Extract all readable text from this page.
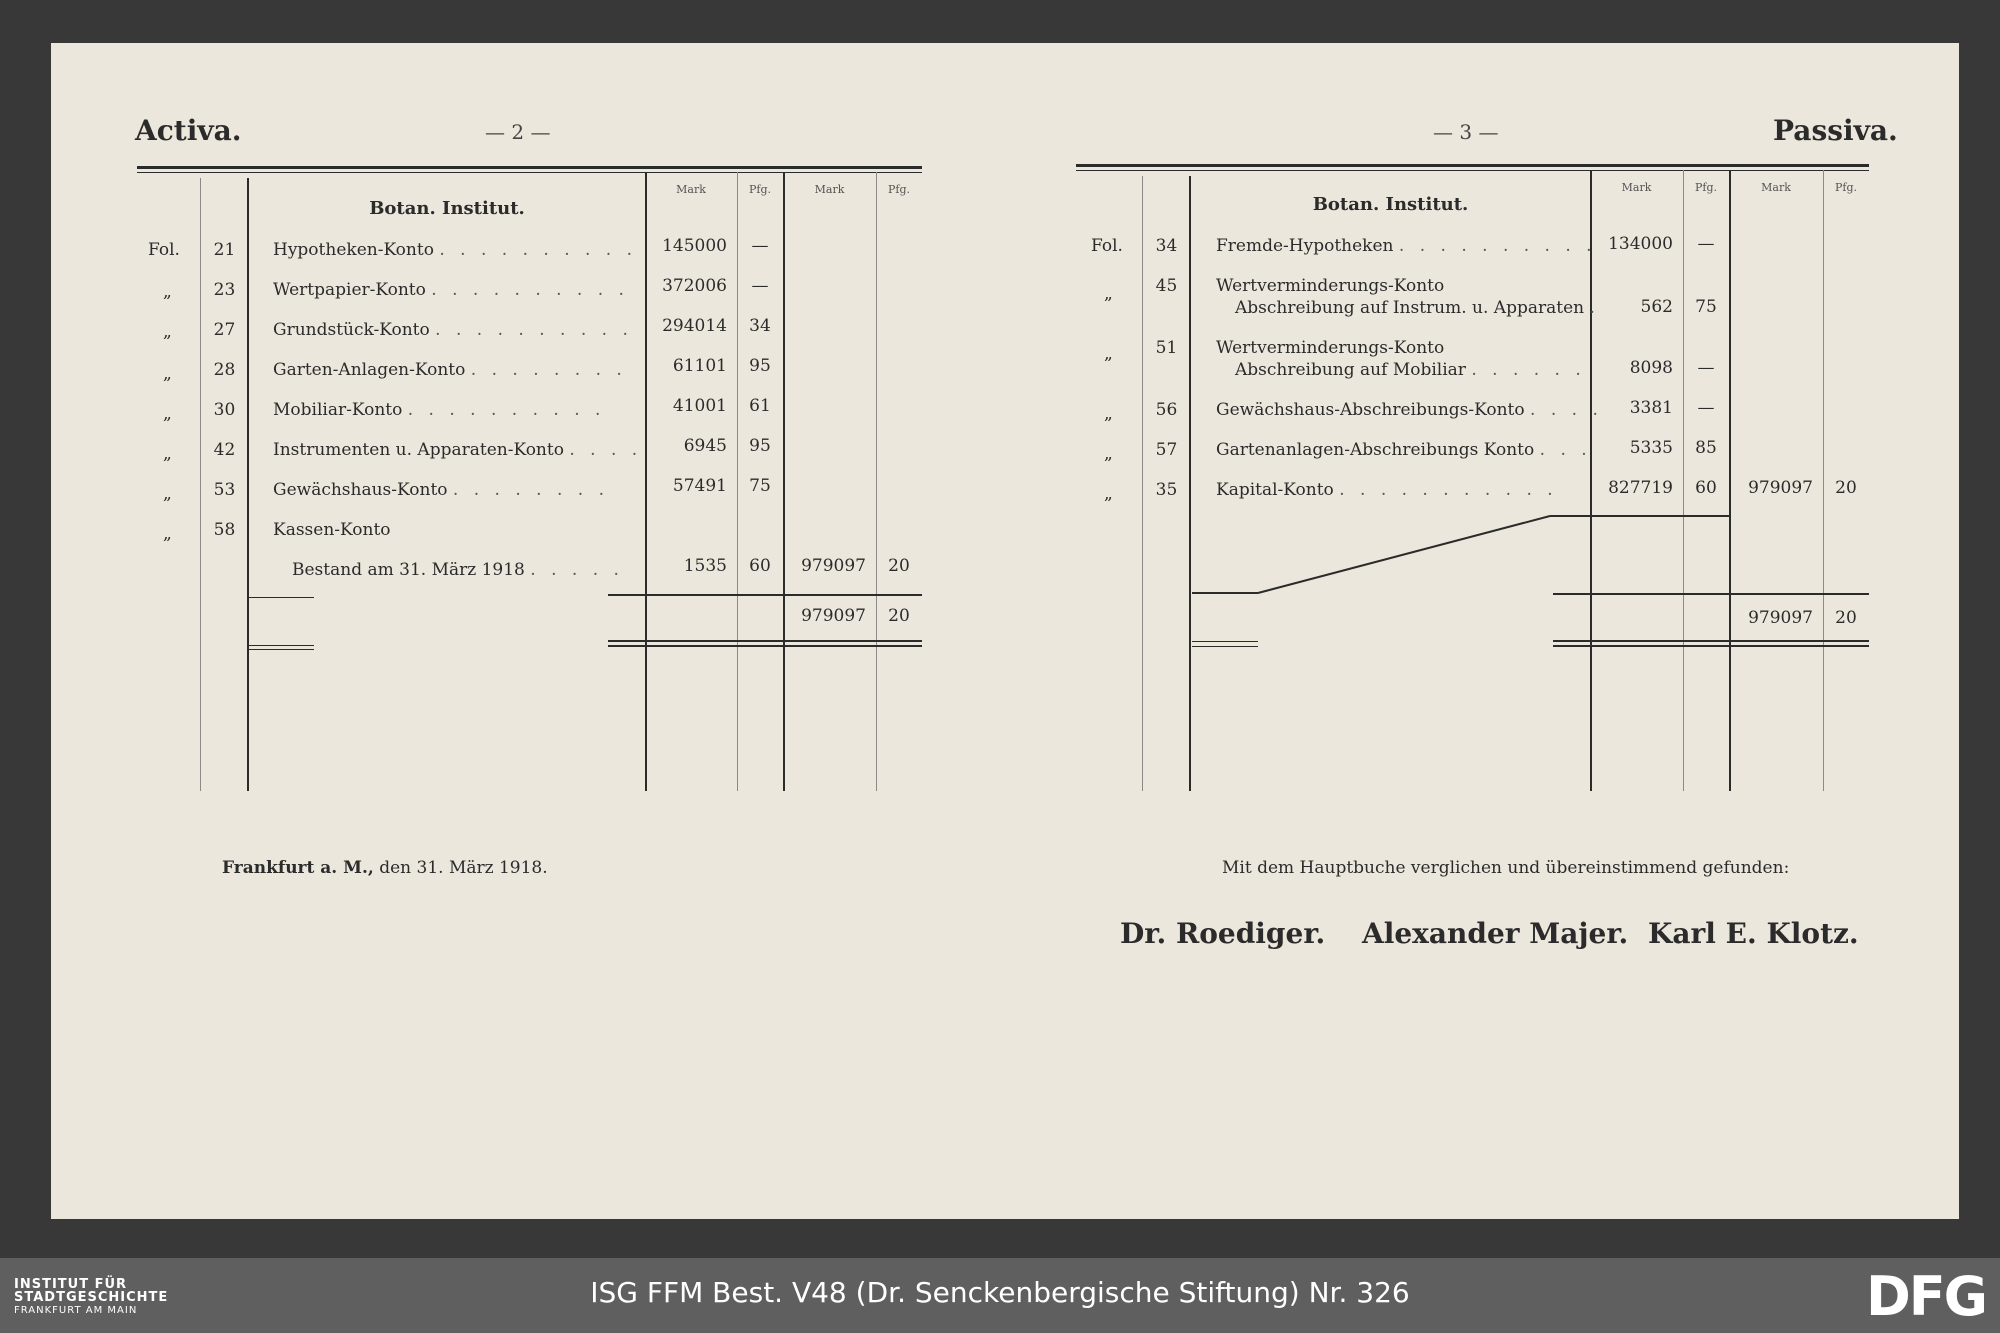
Activa.	— 2 —
Mark	Pfg.	Mark	Pfg.
Botan. Institut.
Fol.	21	Hypotheken-Konto . . . . . . . . . .	145000	—
„	23	Wertpapier-Konto . . . . . . . . . .	372006	—
„	27	Grundstück-Konto . . . . . . . . . .	294014	34
„	28	Garten-Anlagen-Konto . . . . . . . .	61101	95
„	30	Mobiliar-Konto . . . . . . . . . .	41001	61
„	42	Instrumenten u. Apparaten-Konto . . . .	6945	95
„	53	Gewächshaus-Konto . . . . . . . .	57491	75
„	58	Kassen-Konto
Bestand am 31. März 1918 . . . . .	1535	60	979097	20
979097	20
Frankfurt a. M., den 31. März 1918.
— 3 —	Passiva.
Mark	Pfg.	Mark	Pfg.
Botan. Institut.
Fol.	34	Fremde-Hypotheken . . . . . . . . . . 134000	—
„	45	Wertverminderungs-Konto
Abschreibung auf Instrum. u. Apparaten .	562	75
„	51	Wertverminderungs-Konto
Abschreibung auf Mobiliar . . . . . .	8098	—
„	56	Gewächshaus-Abschreibungs-Konto . . . .	3381	—
„	57	Gartenanlagen-Abschreibungs Konto . . .	5335	85
„	35	Kapital-Konto . . . . . . . . . . .	827719	60	979097	20
979097	20
Mit dem Hauptbuche verglichen und übereinstimmend gefunden:
Dr. Roediger. Alexander Majer. Karl E. Klotz.
INSTITUT FÜR
STADTGESCHICHTE
FRANKFURT AM MAIN
ISG FFM Best. V48 (Dr. Senckenbergische Stiftung) Nr. 326	DFG
